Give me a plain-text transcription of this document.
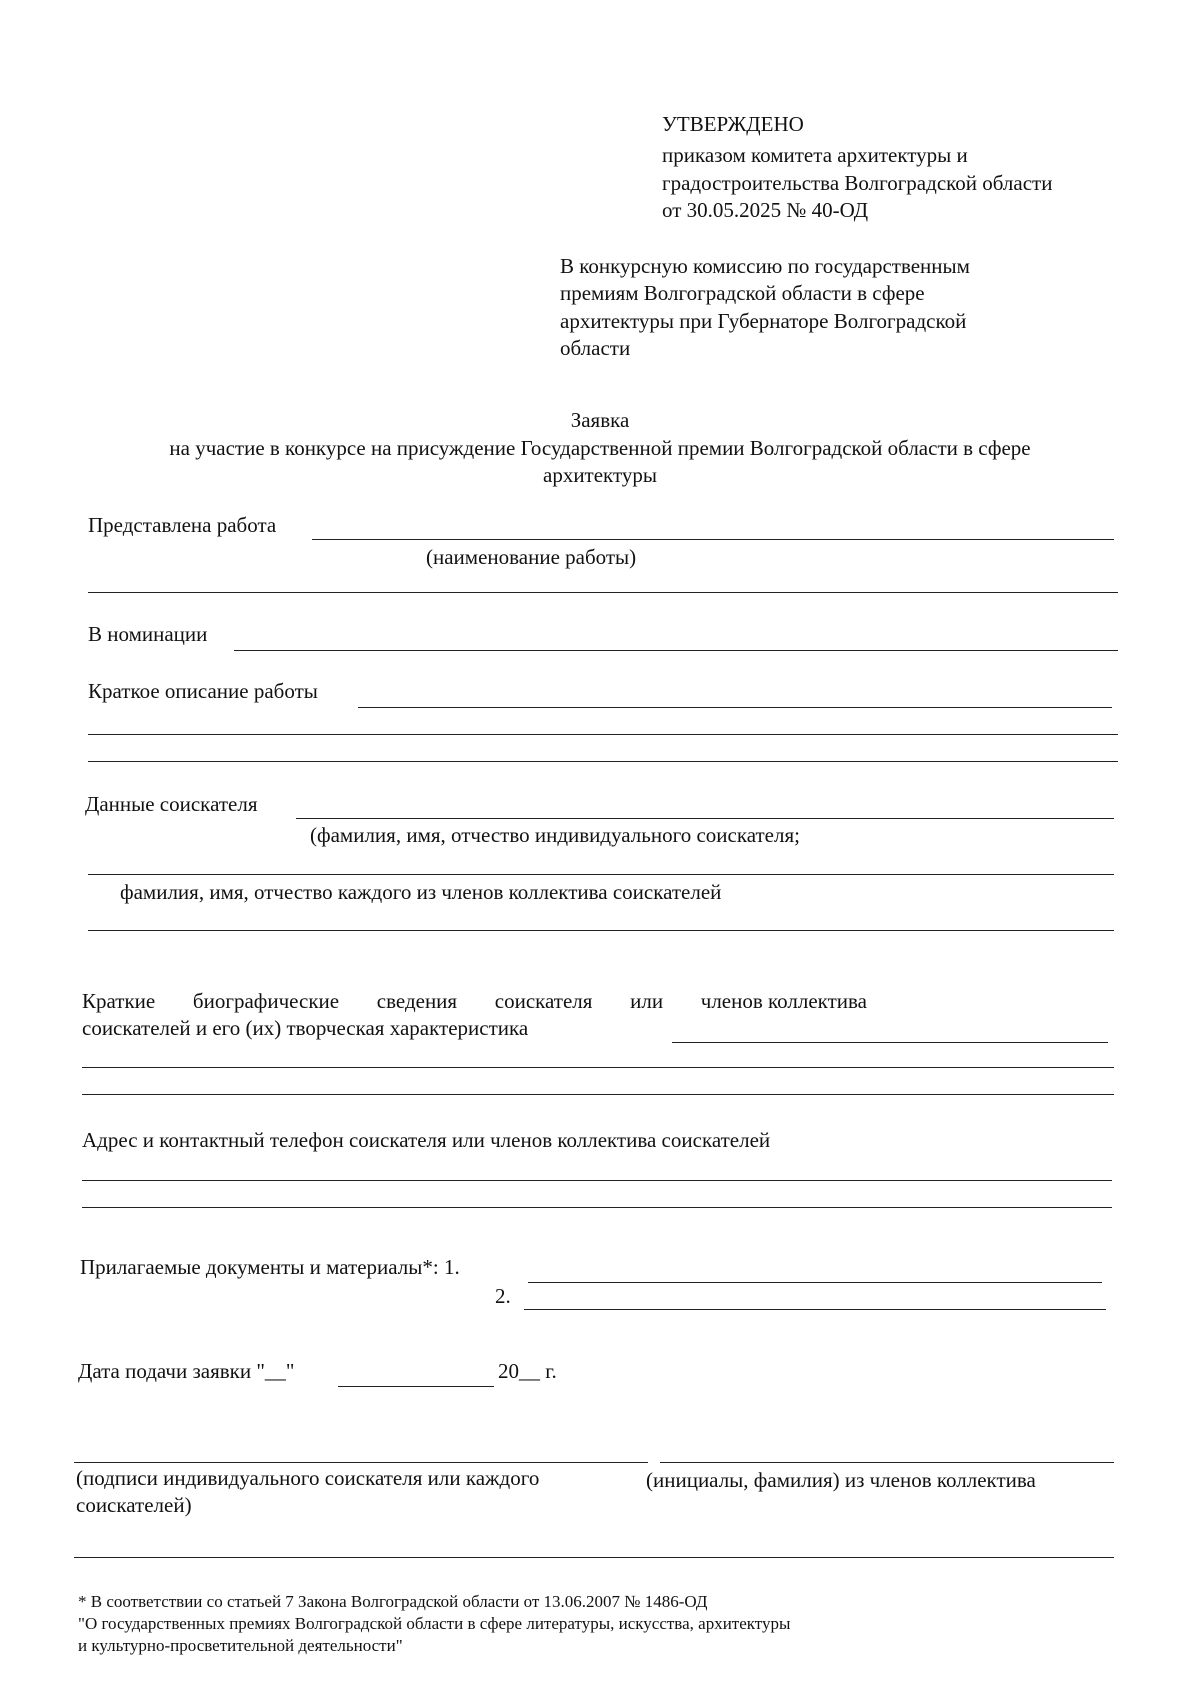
УТВЕРЖДЕНО
приказом комитета архитектуры и
градостроительства Волгоградской области
от 30.05.2025 № 40-ОД
В конкурсную комиссию по государственным
премиям Волгоградской области в сфере
архитектуры при Губернаторе Волгоградской
области
Заявка
на участие в конкурсе на присуждение Государственной премии Волгоградской области в сфере
архитектуры
Представлена работа
(наименование работы)
В номинации
Краткое описание работы
Данные соискателя
(фамилия, имя, отчество индивидуального соискателя;
фамилия, имя, отчество каждого из членов коллектива соискателей
Краткие биографические сведения соискателя или членов коллектива
соискателей и его (их) творческая характеристика
Адрес и контактный телефон соискателя или членов коллектива соискателей
Прилагаемые документы и материалы*: 1.
2.
Дата подачи заявки "__"	20__ г.
(подписи индивидуального соискателя или каждого	(инициалы, фамилия) из членов коллектива
соискателей)
* В соответствии со статьей 7 Закона Волгоградской области от 13.06.2007 № 1486-ОД
"О государственных премиях Волгоградской области в сфере литературы, искусства, архитектуры
и культурно-просветительной деятельности"
